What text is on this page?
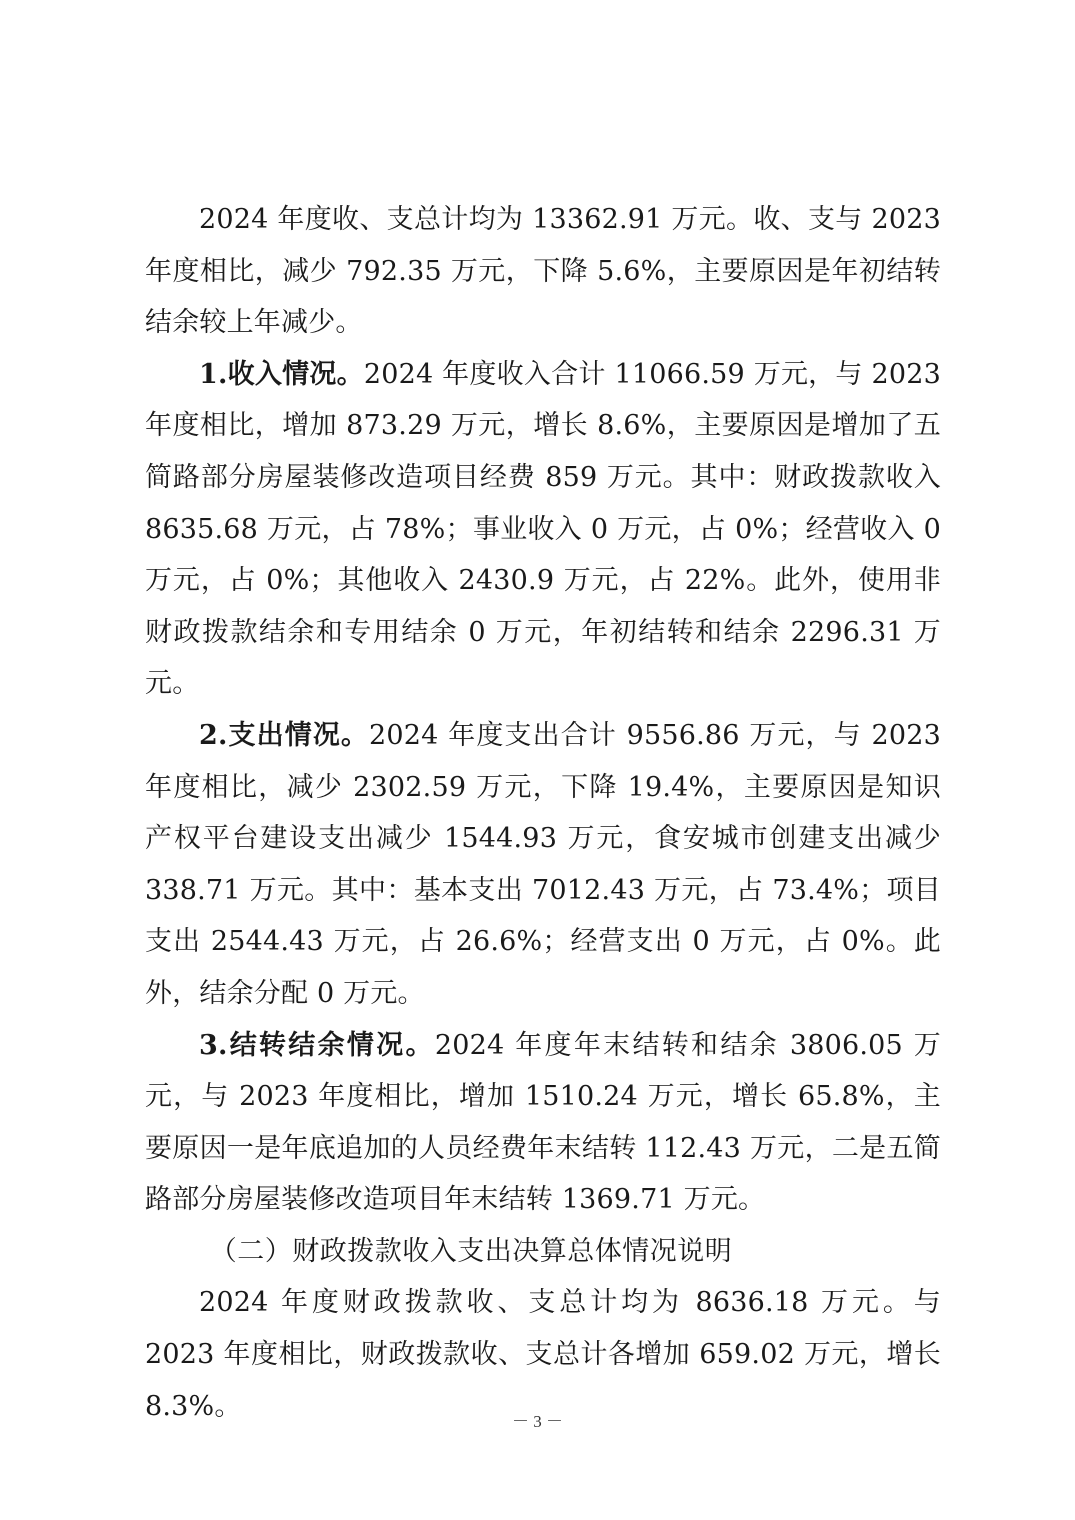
2024 年度收、支总计均为 13362.91 万元。收、支与 2023 年度相比，减少 792.35 万元，下降 5.6%，主要原因是年初结转结余较上年减少。

1.收入情况。2024 年度收入合计 11066.59 万元，与 2023 年度相比，增加 873.29 万元，增长 8.6%，主要原因是增加了五简路部分房屋装修改造项目经费 859 万元。其中：财政拨款收入 8635.68 万元，占 78%；事业收入 0 万元，占 0%；经营收入 0 万元，占 0%；其他收入 2430.9 万元，占 22%。此外，使用非财政拨款结余和专用结余 0 万元，年初结转和结余 2296.31 万元。

2.支出情况。2024 年度支出合计 9556.86 万元，与 2023 年度相比，减少 2302.59 万元，下降 19.4%，主要原因是知识产权平台建设支出减少 1544.93 万元，食安城市创建支出减少 338.71 万元。其中：基本支出 7012.43 万元，占 73.4%；项目支出 2544.43 万元，占 26.6%；经营支出 0 万元，占 0%。此外，结余分配 0 万元。

3.结转结余情况。2024 年度年末结转和结余 3806.05 万元，与 2023 年度相比，增加 1510.24 万元，增长 65.8%，主要原因一是年底追加的人员经费年末结转 112.43 万元，二是五简路部分房屋装修改造项目年末结转 1369.71 万元。

（二）财政拨款收入支出决算总体情况说明

2024 年度财政拨款收、支总计均为 8636.18 万元。与 2023 年度相比，财政拨款收、支总计各增加 659.02 万元，增长 8.3%。	－ 3 －
